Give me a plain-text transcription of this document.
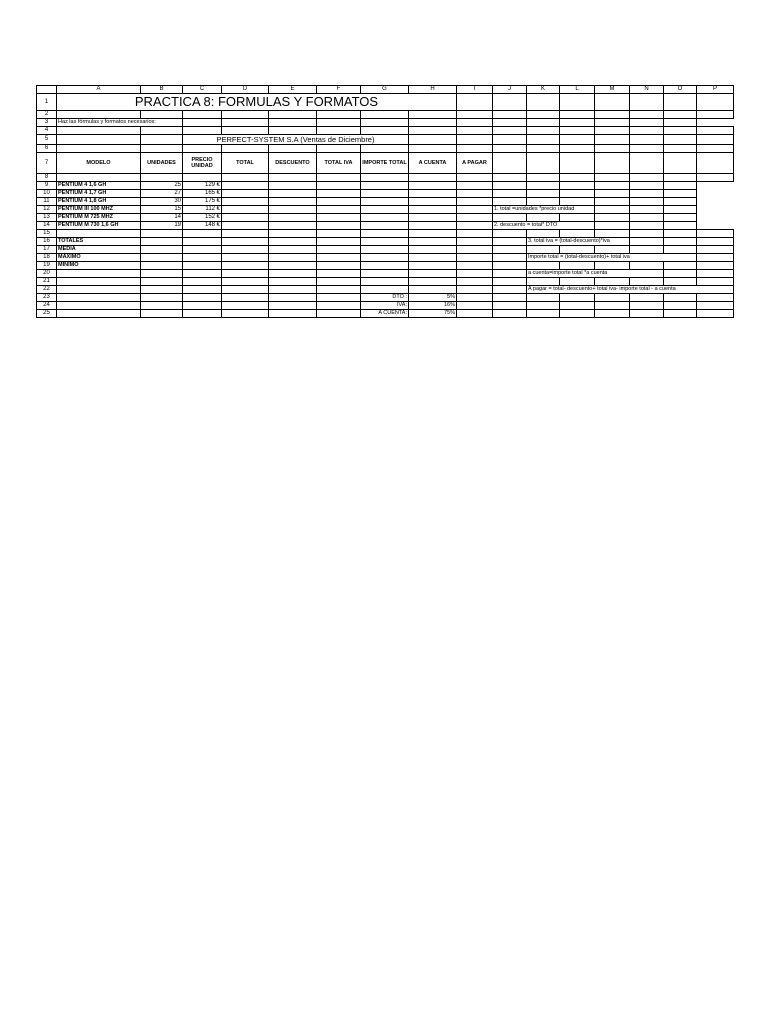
	A	B	C	D	E	F	G	H	I	J	K	L	M	N	O	P
1	PRACTICA 8: FORMULAS Y FORMATOS															
2																
3	Haz las fórmulas y formatos necesarios:															
4																
5			PERFECT-SYSTEM S.A (Ventas de Diciembre)													
6																
7	MODELO	UNIDADES	PRECIO UNIDAD	TOTAL	DESCUENTO	TOTAL IVA	IMPORTE TOTAL	A CUENTA	A PAGAR							
8																
9	PENTIUM 4 1,6 GH	25	129 €													
10	PENTIUM 4 1,7 GH	27	165 €													
11	PENTIUM 4 1,8 GH	30	175 €													
12	PENTIUM III 100 MHZ	15	112 €							1. total =unidades *precio unidad						
13	PENTIUM M 725 MHZ	14	152 €													
14	PENTIUM M 730 1,6 GH	19	148 €							2. descuento = total* DTO						
15																
16	TOTALES										3. total iva = (total-descuento)*iva					
17	MEDIA															
18	MÁXIMO										Importe total = (total-descuento)+ total iva					
19	MÍNIMO															
20											a cuenta=importe total *a cuenta					
21																
22											A pagar = total- descuento+ total iva- importe total - a cuenta					
23							DTO :	5%								
24							IVA:	16%								
25							A CUENTA:	75%								
